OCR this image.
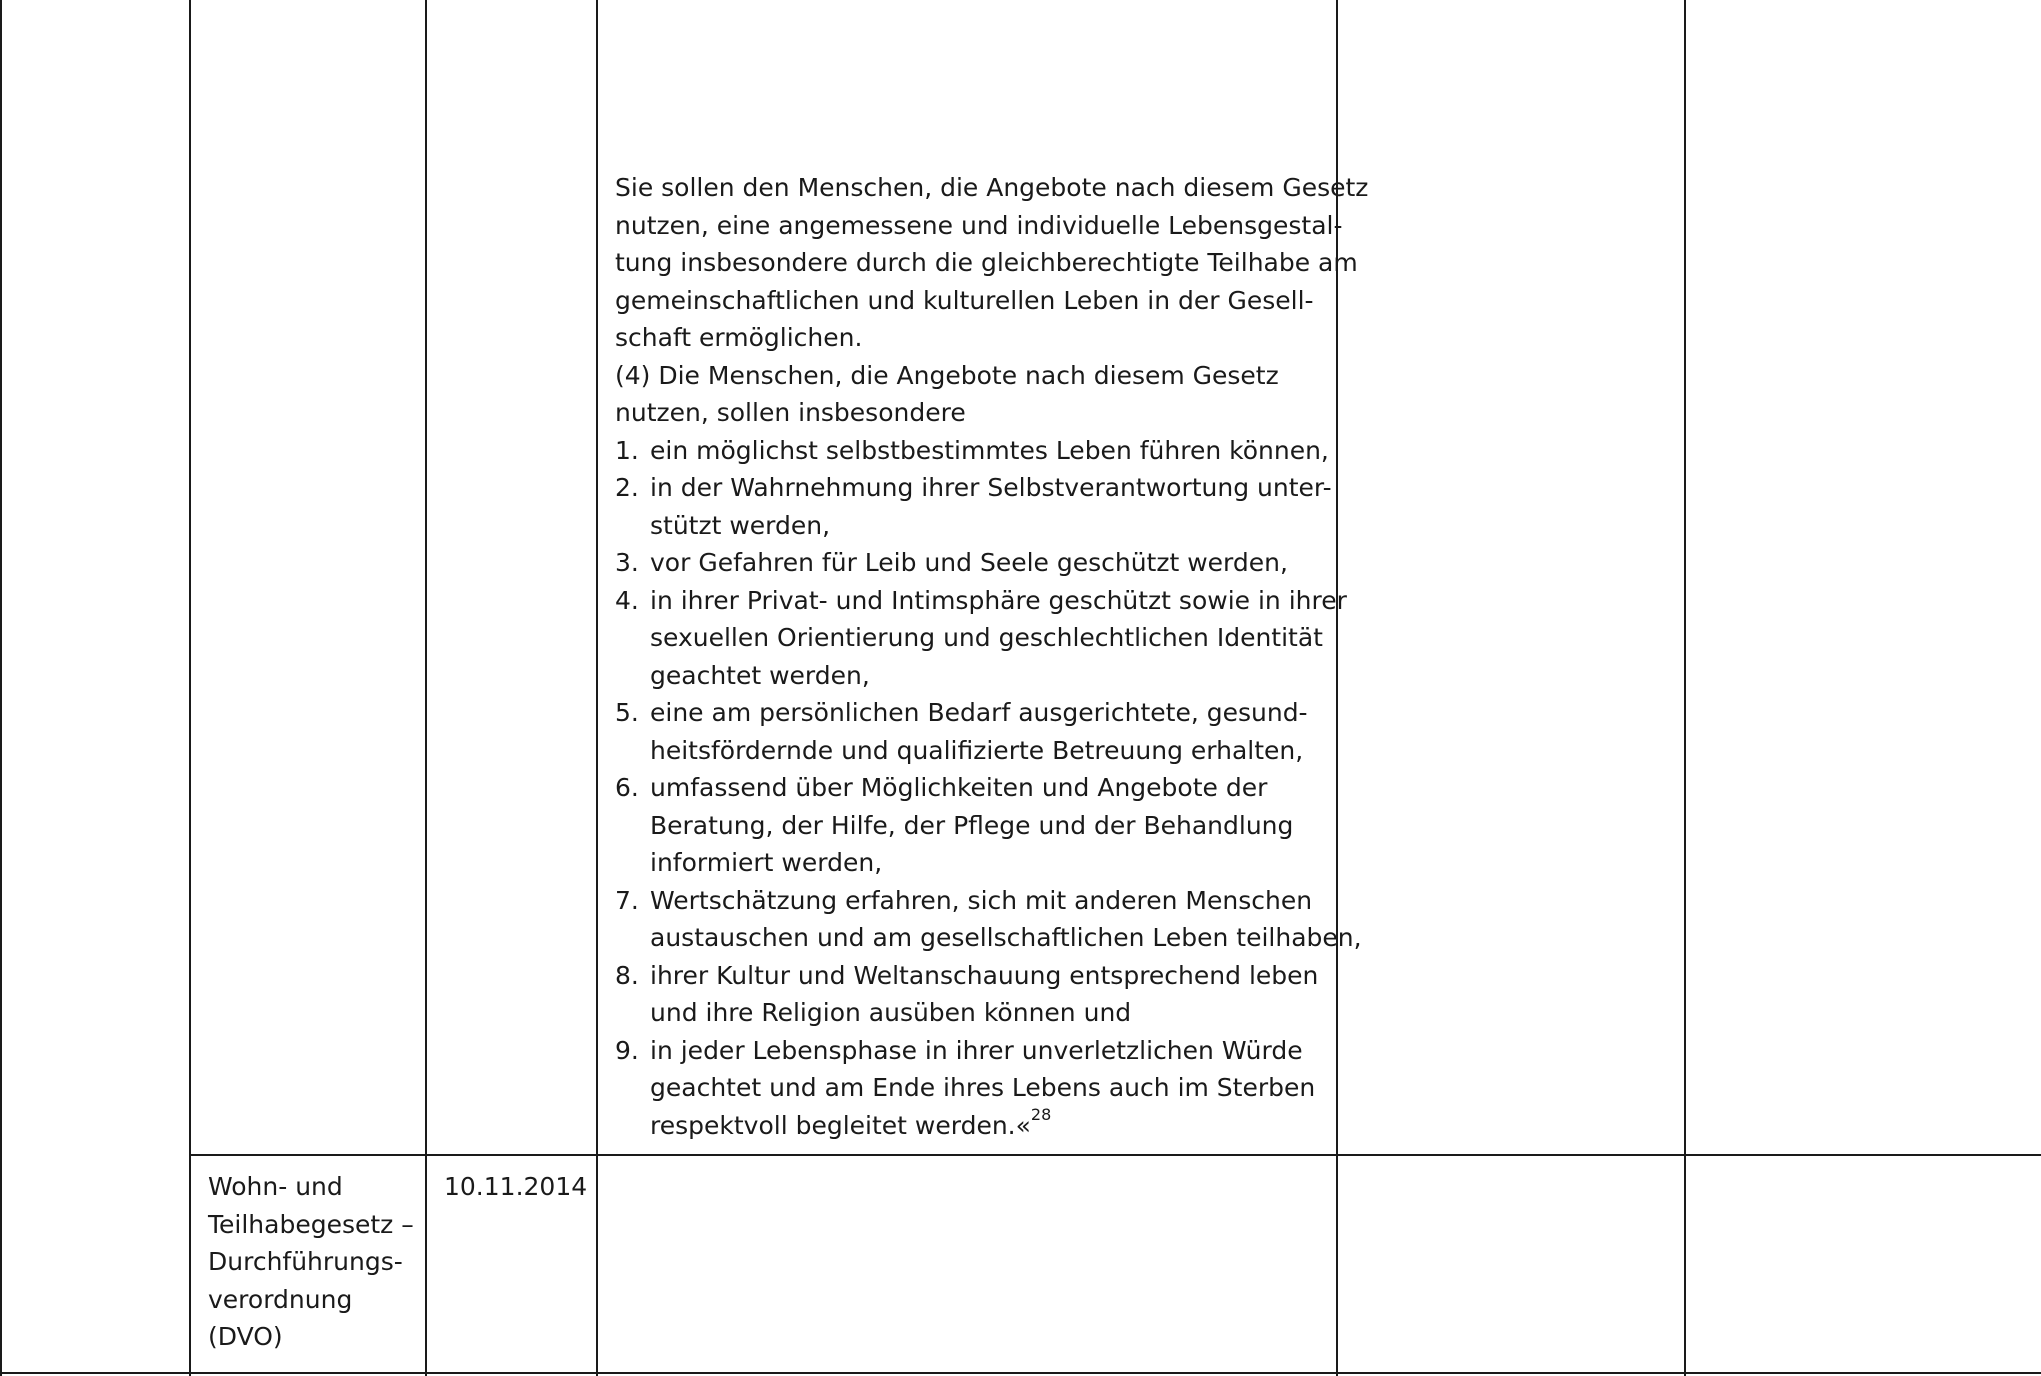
Sie sollen den Menschen, die Angebote nach diesem Gesetz
nutzen, eine angemessene und individuelle Lebensgestal-
tung insbesondere durch die gleichberechtigte Teilhabe am
gemeinschaftlichen und kulturellen Leben in der Gesell-
schaft ermöglichen.
(4) Die Menschen, die Angebote nach diesem Gesetz
nutzen, sollen insbesondere
1. ein möglichst selbstbestimmtes Leben führen können,
2. in der Wahrnehmung ihrer Selbstverantwortung unter-
stützt werden,
3. vor Gefahren für Leib und Seele geschützt werden,
4. in ihrer Privat- und Intimsphäre geschützt sowie in ihrer
sexuellen Orientierung und geschlechtlichen Identität
geachtet werden,
5. eine am persönlichen Bedarf ausgerichtete, gesund-
heitsfördernde und qualifizierte Betreuung erhalten,
6. umfassend über Möglichkeiten und Angebote der
Beratung, der Hilfe, der Pflege und der Behandlung
informiert werden,
7. Wertschätzung erfahren, sich mit anderen Menschen
austauschen und am gesellschaftlichen Leben teilhaben,
8. ihrer Kultur und Weltanschauung entsprechend leben
und ihre Religion ausüben können und
9. in jeder Lebensphase in ihrer unverletzlichen Würde
geachtet und am Ende ihres Lebens auch im Sterben
respektvoll begleitet werden.«$^{28}$
Wohn- und
Teilhabegesetz –
Durchführungs-
verordnung
(DVO)
10.11.2014
